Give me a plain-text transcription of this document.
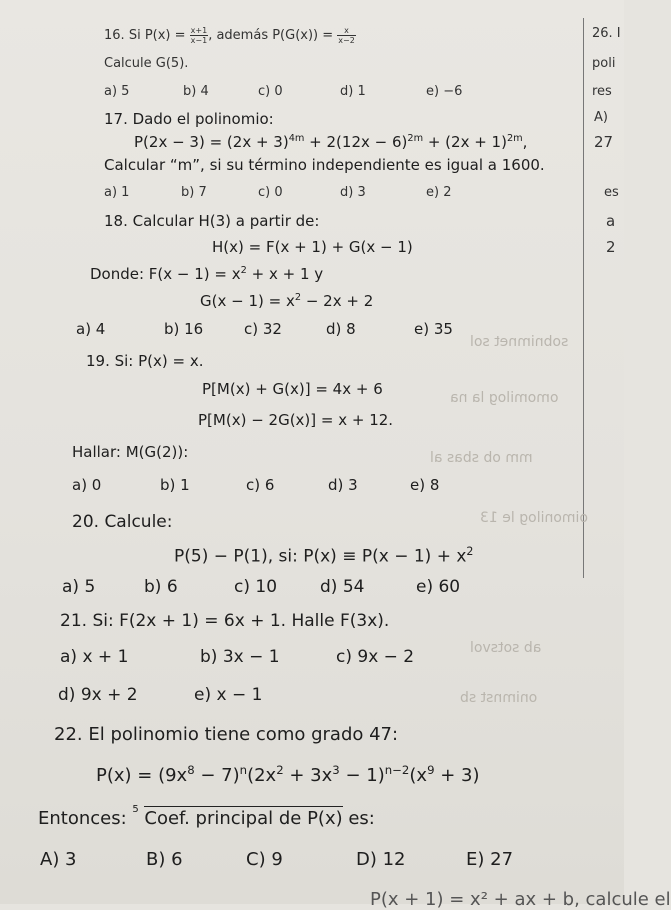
sobnimnet sol
omomilog la na
mm ob sbas al
oimonilog le 13
ab sotsvol
onimnst sb
16. Si $P(x) = \frac{x+1}{x-1}$ , además $P(G(x)) = \frac{x}{x-2}$
Calcule G(5).
a) 5	b) 4	c) 0	d) 1	e) −6
17. Dado el polinomio:
$P(2x - 3) = (2x + 3)^{4m} + 2(12x - 6)^{2m} + (2x + 1)^{2m}$,
Calcular “m”, si su término independiente es igual a 1600.
a) 1	b) 7	c) 0	d) 3	e) 2
18. Calcular H(3) a partir de:
H(x) = F(x + 1) + G(x − 1)
Donde: $F(x - 1) = x^2 + x + 1$ y
$G(x - 1) = x^2 - 2x + 2$
a) 4	b) 16	c) 32	d) 8	e) 35
19. Si: P(x) = x.
P[M(x) + G(x)] = 4x + 6
P[M(x) − 2G(x)] = x + 12.
Hallar: M(G(2)):
a) 0	b) 1	c) 6	d) 3	e) 8
20. Calcule:
P(5) − P(1), si: $P(x) \equiv P(x - 1) + x^2$
a) 5	b) 6	c) 10	d) 54	e) 60
21. Si: F(2x + 1) = 6x + 1. Halle F(3x).
a) x + 1	b) 3x − 1	c) 9x − 2
d) 9x + 2	e) x − 1
22. El polinomio tiene como grado 47:
$P(x) = (9x^8 - 7)^n(2x^2 + 3x^3 - 1)^{n-2}(x^9 + 3)$
Entonces: 5 Coef. principal de P(x) es:
A) 3	B) 6	C) 9	D) 12	E) 27
P(x + 1) = x² + ax + b, calcule el
26. I
poli
res
A)
27
es
a
2
